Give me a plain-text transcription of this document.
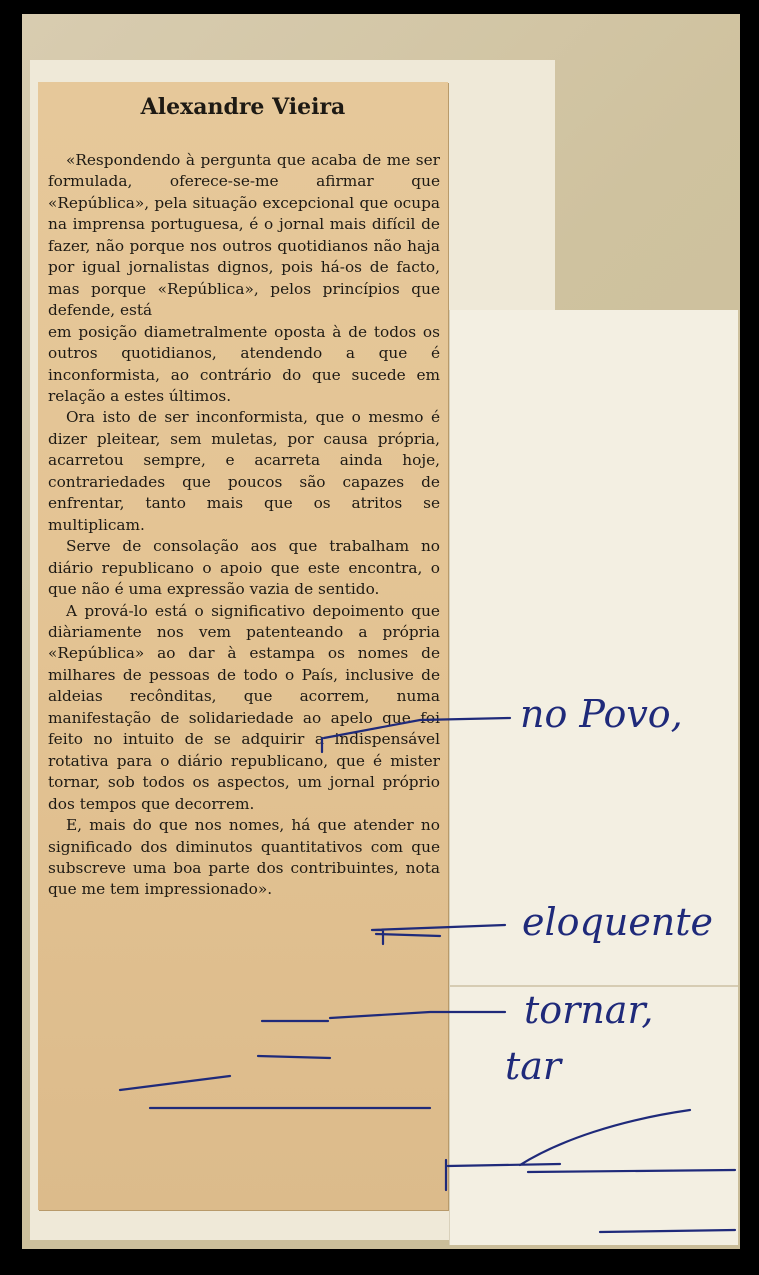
Alexandre Vieira

«Respondendo à pergunta que acaba de me ser formulada, oferece-se-me afirmar que «República», pela situação excepcional que ocupa na imprensa portuguesa, é o jornal mais difícil de fazer, não porque nos outros quotidianos não haja por igual jornalistas dignos, pois há-os de facto, mas porque «República», pelos princípios que defende, está

em posição diametralmente oposta à de todos os outros quotidianos, atendendo a que é inconformista, ao contrário do que sucede em relação a estes últimos.

Ora isto de ser inconformista, que o mesmo é dizer pleitear, sem muletas, por causa própria, acarretou sempre, e acarreta ainda hoje, contrariedades que poucos são capazes de enfrentar, tanto mais que os atritos se multiplicam.

Serve de consolação aos que trabalham no diário republicano o apoio que este encontra, o que não é uma expressão vazia de sentido.

A prová-lo está o significativo depoimento que diàriamente nos vem patenteando a própria «República» ao dar à estampa os nomes de milhares de pessoas de todo o País, inclusive de aldeias recônditas, que acorrem, numa manifestação de solidariedade ao apelo que foi feito no intuito de se adquirir a indispensável rotativa para o diário republicano, que é mister tornar, sob todos os aspectos, um jornal próprio dos tempos que decorrem.

E, mais do que nos nomes, há que atender no significado dos diminutos quantitativos com que subscreve uma boa parte dos contribuintes, nota que me tem impressionado».

no Povo,
eloquente
tornar,
tar
